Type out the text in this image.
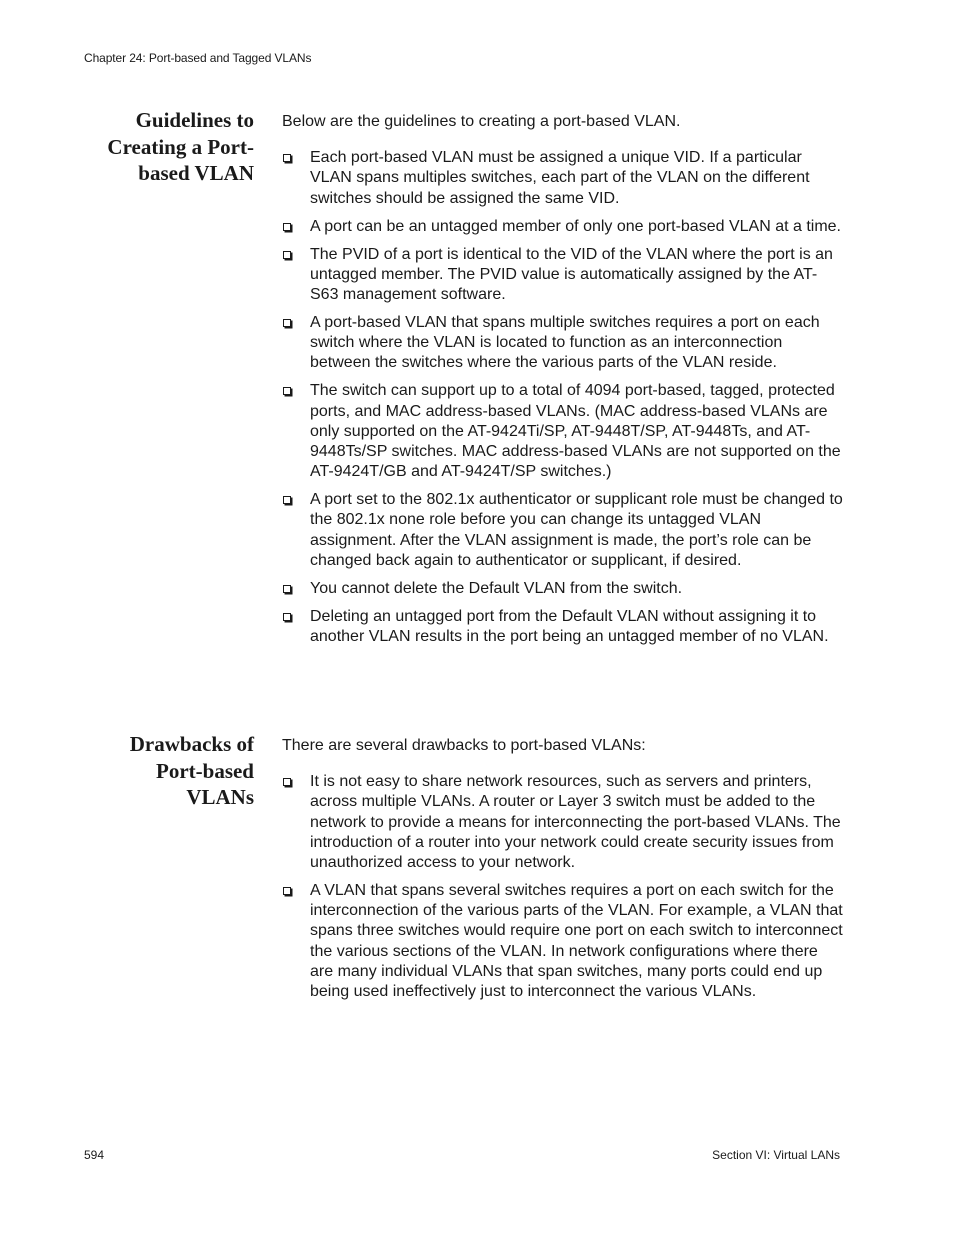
Chapter 24: Port-based and Tagged VLANs
Guidelines to
Creating a Port-
based VLAN

Below are the guidelines to creating a port-based VLAN.

Each port-based VLAN must be assigned a unique VID. If a particular VLAN spans multiples switches, each part of the VLAN on the different switches should be assigned the same VID.
A port can be an untagged member of only one port-based VLAN at a time.
The PVID of a port is identical to the VID of the VLAN where the port is an untagged member. The PVID value is automatically assigned by the AT-S63 management software.
A port-based VLAN that spans multiple switches requires a port on each switch where the VLAN is located to function as an interconnection between the switches where the various parts of the VLAN reside.
The switch can support up to a total of 4094 port-based, tagged, protected ports, and MAC address-based VLANs. (MAC address-based VLANs are only supported on the AT-9424Ti/SP, AT-9448T/SP, AT-9448Ts, and AT-9448Ts/SP switches. MAC address-based VLANs are not supported on the AT-9424T/GB and AT-9424T/SP switches.)
A port set to the 802.1x authenticator or supplicant role must be changed to the 802.1x none role before you can change its untagged VLAN assignment. After the VLAN assignment is made, the port’s role can be changed back again to authenticator or supplicant, if desired.
You cannot delete the Default VLAN from the switch.
Deleting an untagged port from the Default VLAN without assigning it to another VLAN results in the port being an untagged member of no VLAN.
Drawbacks of
Port-based
VLANs

There are several drawbacks to port-based VLANs:

It is not easy to share network resources, such as servers and printers, across multiple VLANs. A router or Layer 3 switch must be added to the network to provide a means for interconnecting the port-based VLANs. The introduction of a router into your network could create security issues from unauthorized access to your network.
A VLAN that spans several switches requires a port on each switch for the interconnection of the various parts of the VLAN. For example, a VLAN that spans three switches would require one port on each switch to interconnect the various sections of the VLAN. In network configurations where there are many individual VLANs that span switches, many ports could end up being used ineffectively just to interconnect the various VLANs.
594	Section VI: Virtual LANs
